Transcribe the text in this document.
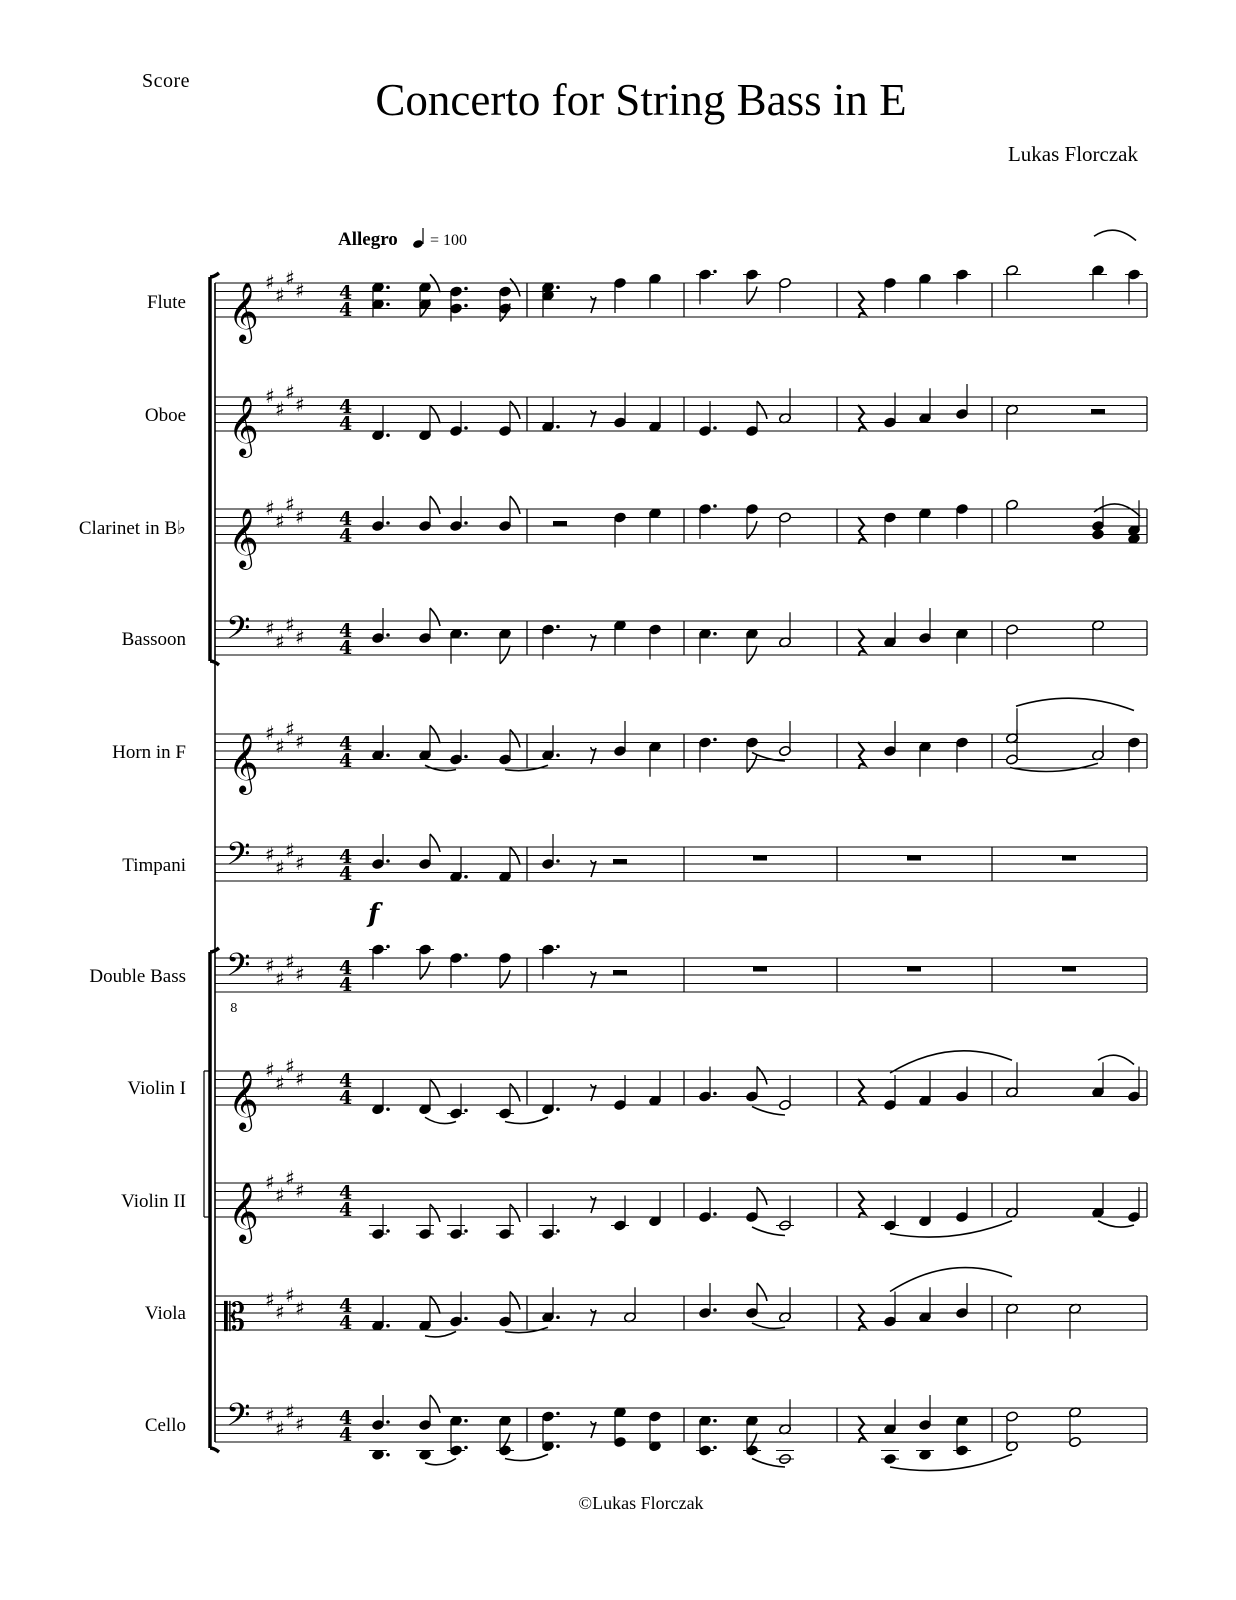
Score	Concerto for String Bass in E
Lukas Florczak
Allegro = 100
Flute
Oboe
Clarinet in B♭
Bassoon
Horn in F
Timpani
Double Bass
Violin I
Violin II
Viola
Cello
𝄞 ♯
♯
♯
♯ 4
4
𝄞 ♯
♯
♯
♯ 4
4
𝄞 ♯
♯
♯
♯ 4
4
𝄢 ♯
♯
♯
♯ 4
4
𝄞 ♯
♯
♯
♯ 4
4
𝄢 ♯
♯
♯
♯ 4
4
𝄢
8
♯
♯
♯
♯ 4
4
𝄞 ♯
♯
♯
♯ 4
4
𝄞 ♯
♯
♯
♯ 4
4
𝄡 ♯
♯
♯
♯ 4
4
𝄢 ♯
♯
♯
♯ 4
4
f
©Lukas Florczak
